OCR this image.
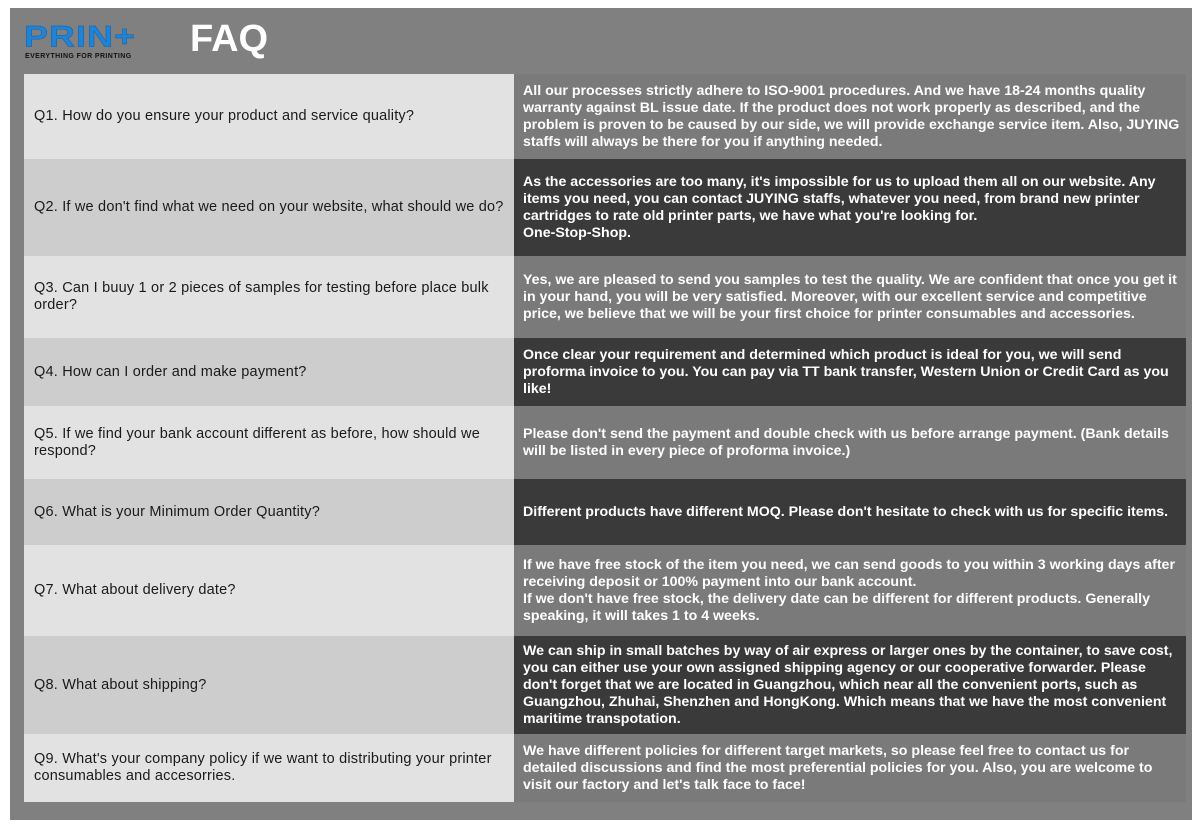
PRIN+
EVERYTHING FOR PRINTING FAQ
Q1. How do you ensure your product and service quality?
All our processes strictly adhere to ISO-9001 procedures. And we have 18-24 months quality warranty against BL issue date. If the product does not work properly as described, and the problem is proven to be caused by our side, we will provide exchange service item. Also, JUYING staffs will always be there for you if anything needed.
Q2. If we don't find what we need on your website, what should we do?
As the accessories are too many, it's impossible for us to upload them all on our website. Any items you need, you can contact JUYING staffs, whatever you need, from brand new printer cartridges to rate old printer parts, we have what you're looking for.
One-Stop-Shop.
Q3. Can I buuy 1 or 2 pieces of samples for testing before place bulk order?
Yes, we are pleased to send you samples to test the quality. We are confident that once you get it in your hand, you will be very satisfied. Moreover, with our excellent service and competitive price, we believe that we will be your first choice for printer consumables and accessories.
Q4. How can I order and make payment?
Once clear your requirement and determined which product is ideal for you, we will send proforma invoice to you. You can pay via TT bank transfer, Western Union or Credit Card as you like!
Q5. If we find your bank account different as before, how should we respond?
Please don't send the payment and double check with us before arrange payment. (Bank details will be listed in every piece of proforma invoice.)
Q6. What is your Minimum Order Quantity?	Different products have different MOQ. Please don't hesitate to check with us for specific items.
Q7. What about delivery date?
If we have free stock of the item you need, we can send goods to you within 3 working days after receiving deposit or 100% payment into our bank account.
If we don't have free stock, the delivery date can be different for different products. Generally speaking, it will takes 1 to 4 weeks.
Q8. What about shipping?
We can ship in small batches by way of air express or larger ones by the container, to save cost, you can either use your own assigned shipping agency or our cooperative forwarder. Please don't forget that we are located in Guangzhou, which near all the convenient ports, such as Guangzhou, Zhuhai, Shenzhen and HongKong. Which means that we have the most convenient maritime transpotation.
Q9. What's your company policy if we want to distributing your printer consumables and accesorries.
We have different policies for different target markets, so please feel free to contact us for detailed discussions and find the most preferential policies for you. Also, you are welcome to visit our factory and let's talk face to face!
